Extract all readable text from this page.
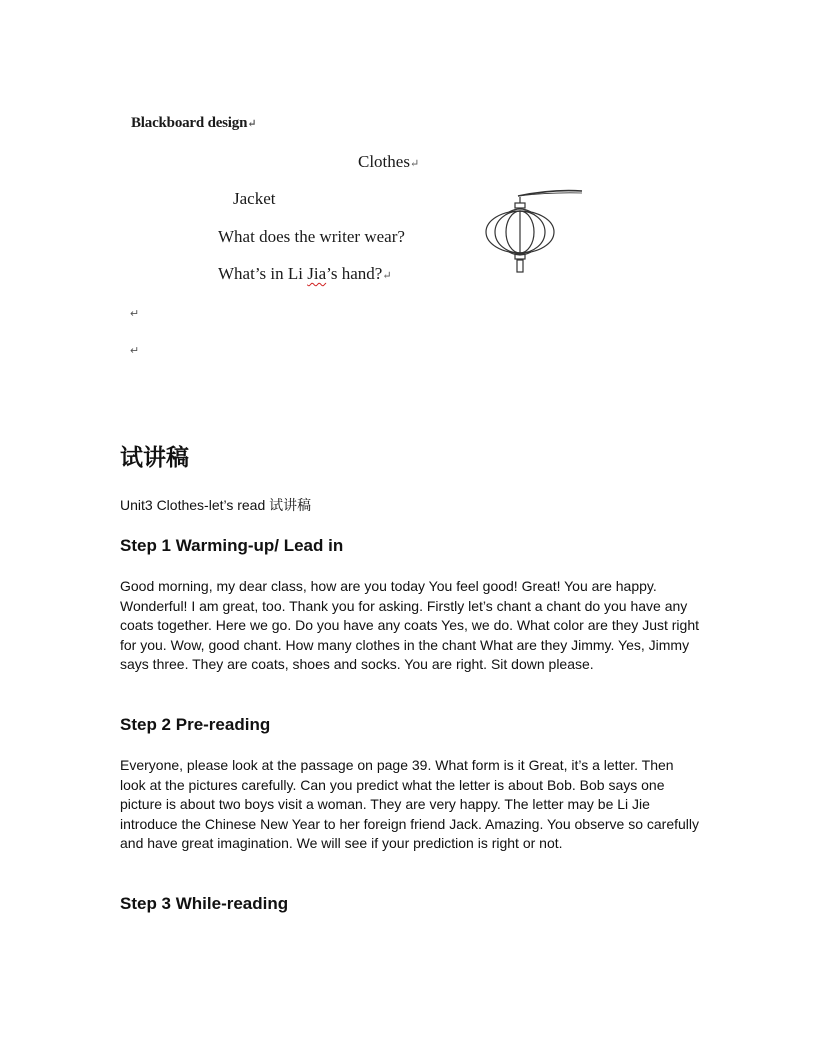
Blackboard design↵
Clothes↵
Jacket
What does the writer wear?
What’s in Li Jia’s hand?↵
↵
↵
试讲稿
Unit3 Clothes-let’s read 试讲稿
Step 1 Warming-up/ Lead in
Good morning, my dear class, how are you today You feel good! Great! You are happy. Wonderful! I am great, too. Thank you for asking. Firstly let’s chant a chant do you have any coats together. Here we go. Do you have any coats Yes, we do. What color are they Just right for you. Wow, good chant. How many clothes in the chant What are they Jimmy. Yes, Jimmy says three. They are coats, shoes and socks. You are right. Sit down please.
Step 2 Pre-reading
Everyone, please look at the passage on page 39. What form is it Great, it’s a letter. Then look at the pictures carefully. Can you predict what the letter is about Bob. Bob says one picture is about two boys visit a woman. They are very happy. The letter may be Li Jie introduce the Chinese New Year to her foreign friend Jack. Amazing. You observe so carefully and have great imagination. We will see if your prediction is right or not.
Step 3 While-reading
